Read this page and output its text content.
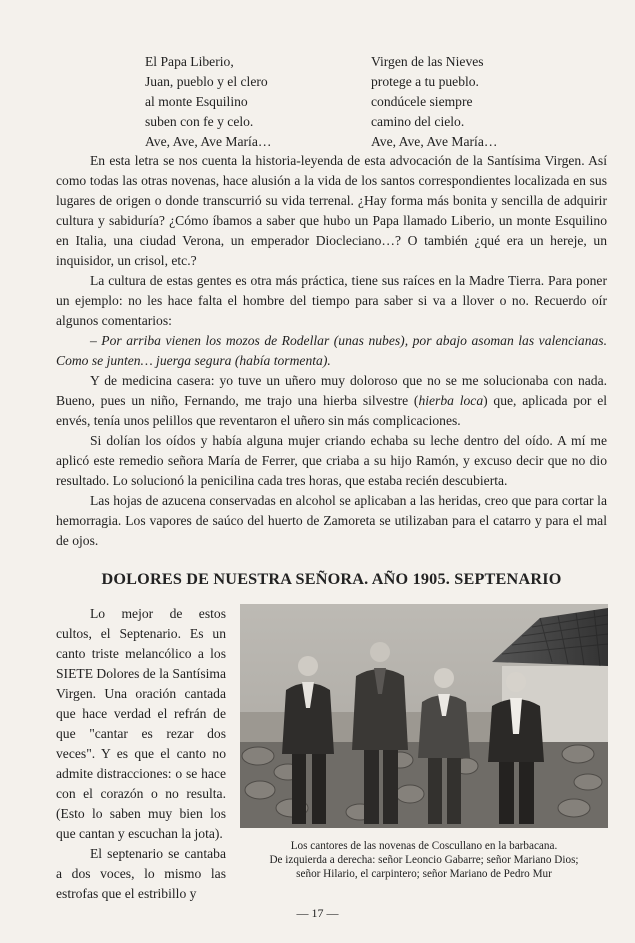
El Papa Liberio,
Juan, pueblo y el clero
al monte Esquilino
suben con fe y celo.
Ave, Ave, Ave María…
Virgen de las Nieves
protege a tu pueblo.
condúcele siempre
camino del cielo.
Ave, Ave, Ave María…

En esta letra se nos cuenta la historia-leyenda de esta advocación de la Santísima Virgen. Así como todas las otras novenas, hace alusión a la vida de los santos correspondientes localizada en sus lugares de origen o donde transcurrió su vida terrenal. ¿Hay forma más bonita y sencilla de adquirir cultura y sabiduría? ¿Cómo íbamos a saber que hubo un Papa llamado Liberio, un monte Esquilino en Italia, una ciudad Verona, un emperador Diocleciano…? O también ¿qué era un hereje, un inquisidor, un crisol, etc.?

La cultura de estas gentes es otra más práctica, tiene sus raíces en la Madre Tierra. Para poner un ejemplo: no les hace falta el hombre del tiempo para saber si va a llover o no. Recuerdo oír algunos comentarios:

– Por arriba vienen los mozos de Rodellar (unas nubes), por abajo asoman las valencianas. Como se junten… juerga segura (había tormenta).

Y de medicina casera: yo tuve un uñero muy doloroso que no se me solucionaba con nada. Bueno, pues un niño, Fernando, me trajo una hierba silvestre (hierba loca) que, aplicada por el envés, tenía unos pelillos que reventaron el uñero sin más complicaciones.

Si dolían los oídos y había alguna mujer criando echaba su leche dentro del oído. A mí me aplicó este remedio señora María de Ferrer, que criaba a su hijo Ramón, y excuso decir que no dio resultado. Lo solucionó la penicilina cada tres horas, que estaba recién descubierta.

Las hojas de azucena conservadas en alcohol se aplicaban a las heridas, creo que para cortar la hemorragia. Los vapores de saúco del huerto de Zamoreta se utilizaban para el catarro y para el mal de ojos.

DOLORES DE NUESTRA SEÑORA. AÑO 1905. SEPTENARIO

Lo mejor de estos cultos, el Septenario. Es un canto triste melancólico a los SIETE Dolores de la Santísima Virgen. Una oración cantada que hace verdad el refrán de que "cantar es rezar dos veces". Y es que el canto no admite distracciones: o se hace con el corazón o no resulta. (Esto lo saben muy bien los que cantan y escuchan la jota).

El septenario se cantaba a dos voces, lo mismo las estrofas que el estribillo y

Los cantores de las novenas de Coscullano en la barbacana.
De izquierda a derecha: señor Leoncio Gabarre; señor Mariano Dios;
señor Hilario, el carpintero; señor Mariano de Pedro Mur
— 17 —
